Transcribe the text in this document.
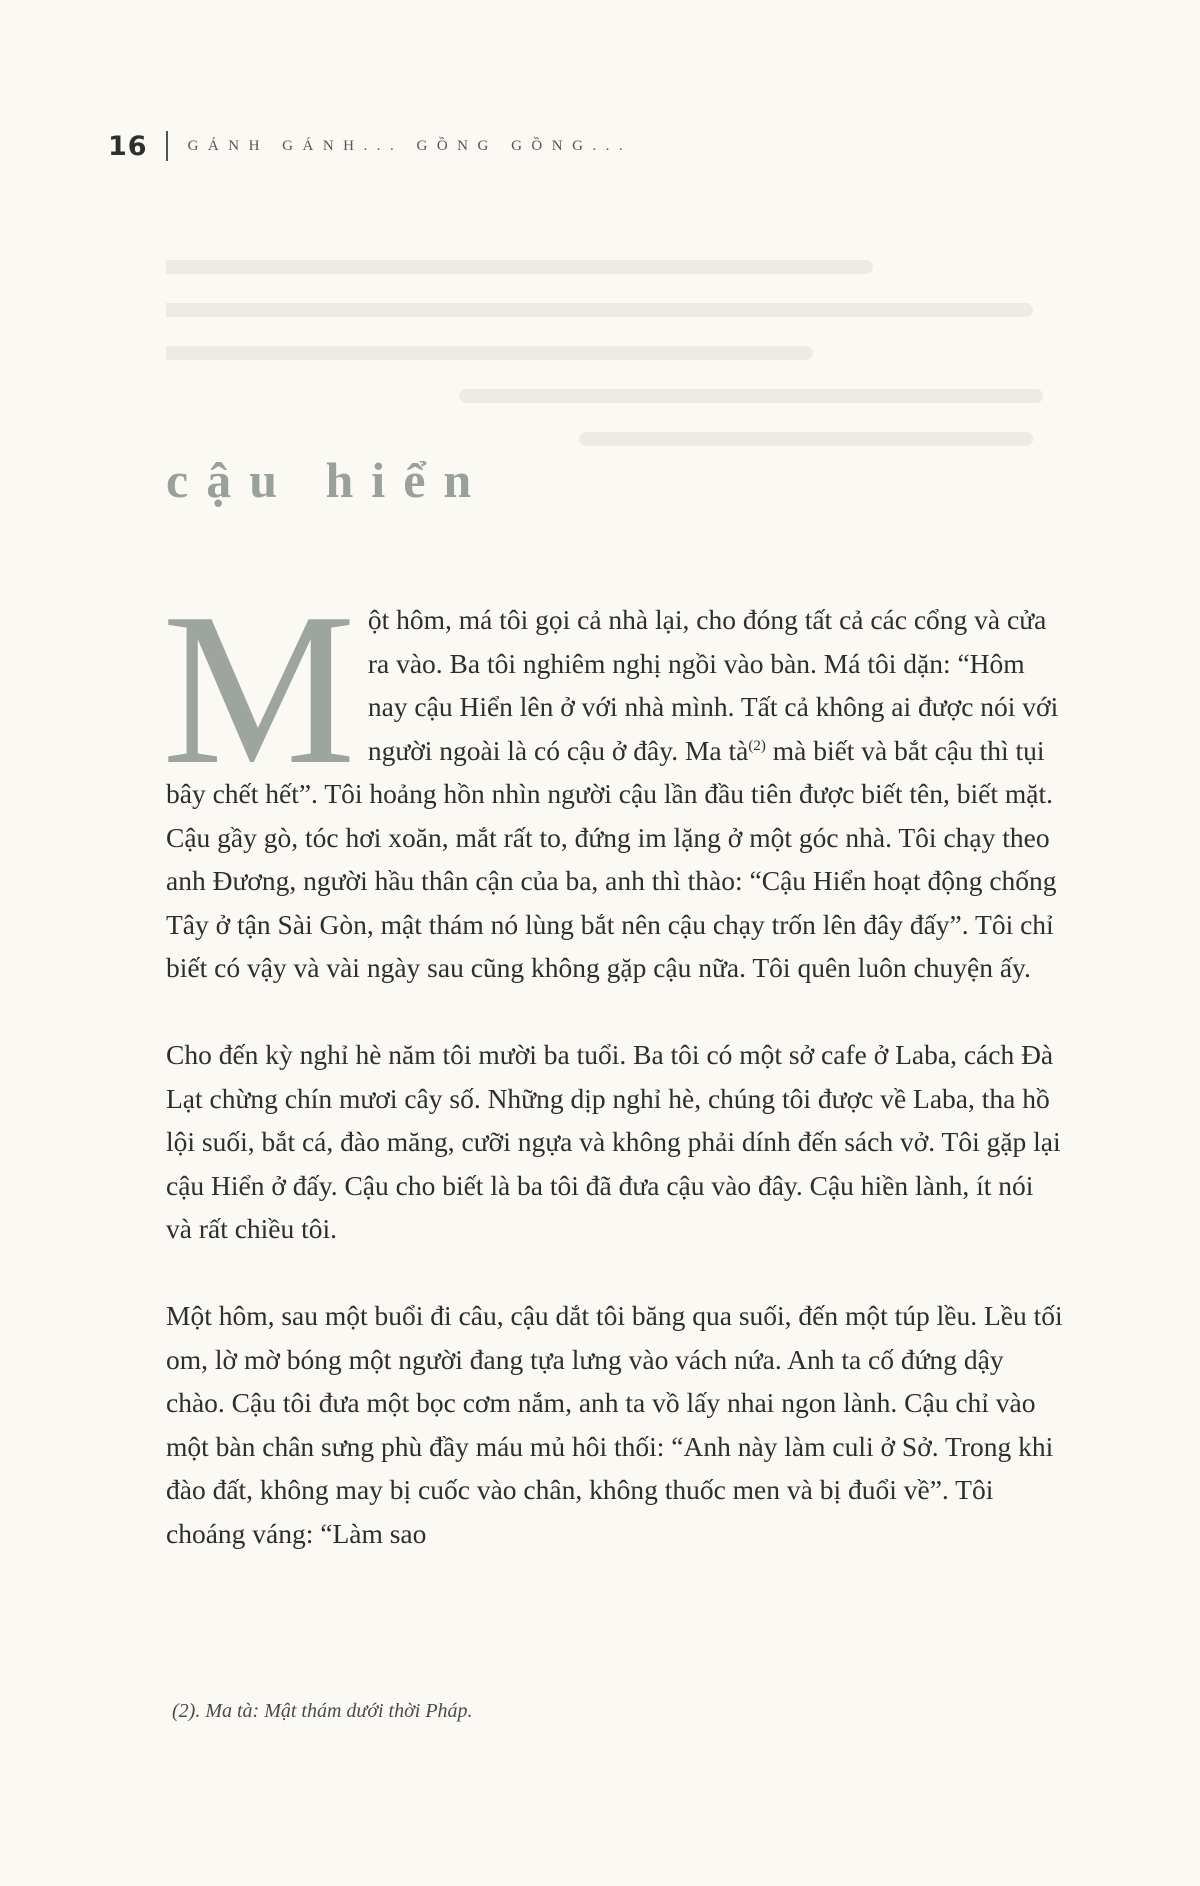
16	GÁNH GÁNH... GỒNG GỒNG...
cậu hiển

Một hôm, má tôi gọi cả nhà lại, cho đóng tất cả các cổng và cửa ra vào. Ba tôi nghiêm nghị ngồi vào bàn. Má tôi dặn: “Hôm nay cậu Hiển lên ở với nhà mình. Tất cả không ai được nói với người ngoài là có cậu ở đây. Ma $tà^{(2)}$ mà biết và bắt cậu thì tụi bây chết hết”. Tôi hoảng hồn nhìn người cậu lần đầu tiên được biết tên, biết mặt. Cậu gầy gò, tóc hơi xoăn, mắt rất to, đứng im lặng ở một góc nhà. Tôi chạy theo anh Đương, người hầu thân cận của ba, anh thì thào: “Cậu Hiển hoạt động chống Tây ở tận Sài Gòn, mật thám nó lùng bắt nên cậu chạy trốn lên đây đấy”. Tôi chỉ biết có vậy và vài ngày sau cũng không gặp cậu nữa. Tôi quên luôn chuyện ấy.

Cho đến kỳ nghỉ hè năm tôi mười ba tuổi. Ba tôi có một sở cafe ở Laba, cách Đà Lạt chừng chín mươi cây số. Những dịp nghỉ hè, chúng tôi được về Laba, tha hồ lội suối, bắt cá, đào măng, cưỡi ngựa và không phải dính đến sách vở. Tôi gặp lại cậu Hiển ở đấy. Cậu cho biết là ba tôi đã đưa cậu vào đây. Cậu hiền lành, ít nói và rất chiều tôi.

Một hôm, sau một buổi đi câu, cậu dắt tôi băng qua suối, đến một túp lều. Lều tối om, lờ mờ bóng một người đang tựa lưng vào vách nứa. Anh ta cố đứng dậy chào. Cậu tôi đưa một bọc cơm nắm, anh ta vồ lấy nhai ngon lành. Cậu chỉ vào một bàn chân sưng phù đầy máu mủ hôi thối: “Anh này làm culi ở Sở. Trong khi đào đất, không may bị cuốc vào chân, không thuốc men và bị đuổi về”. Tôi choáng váng: “Làm sao

(2). Ma tà: Mật thám dưới thời Pháp.
